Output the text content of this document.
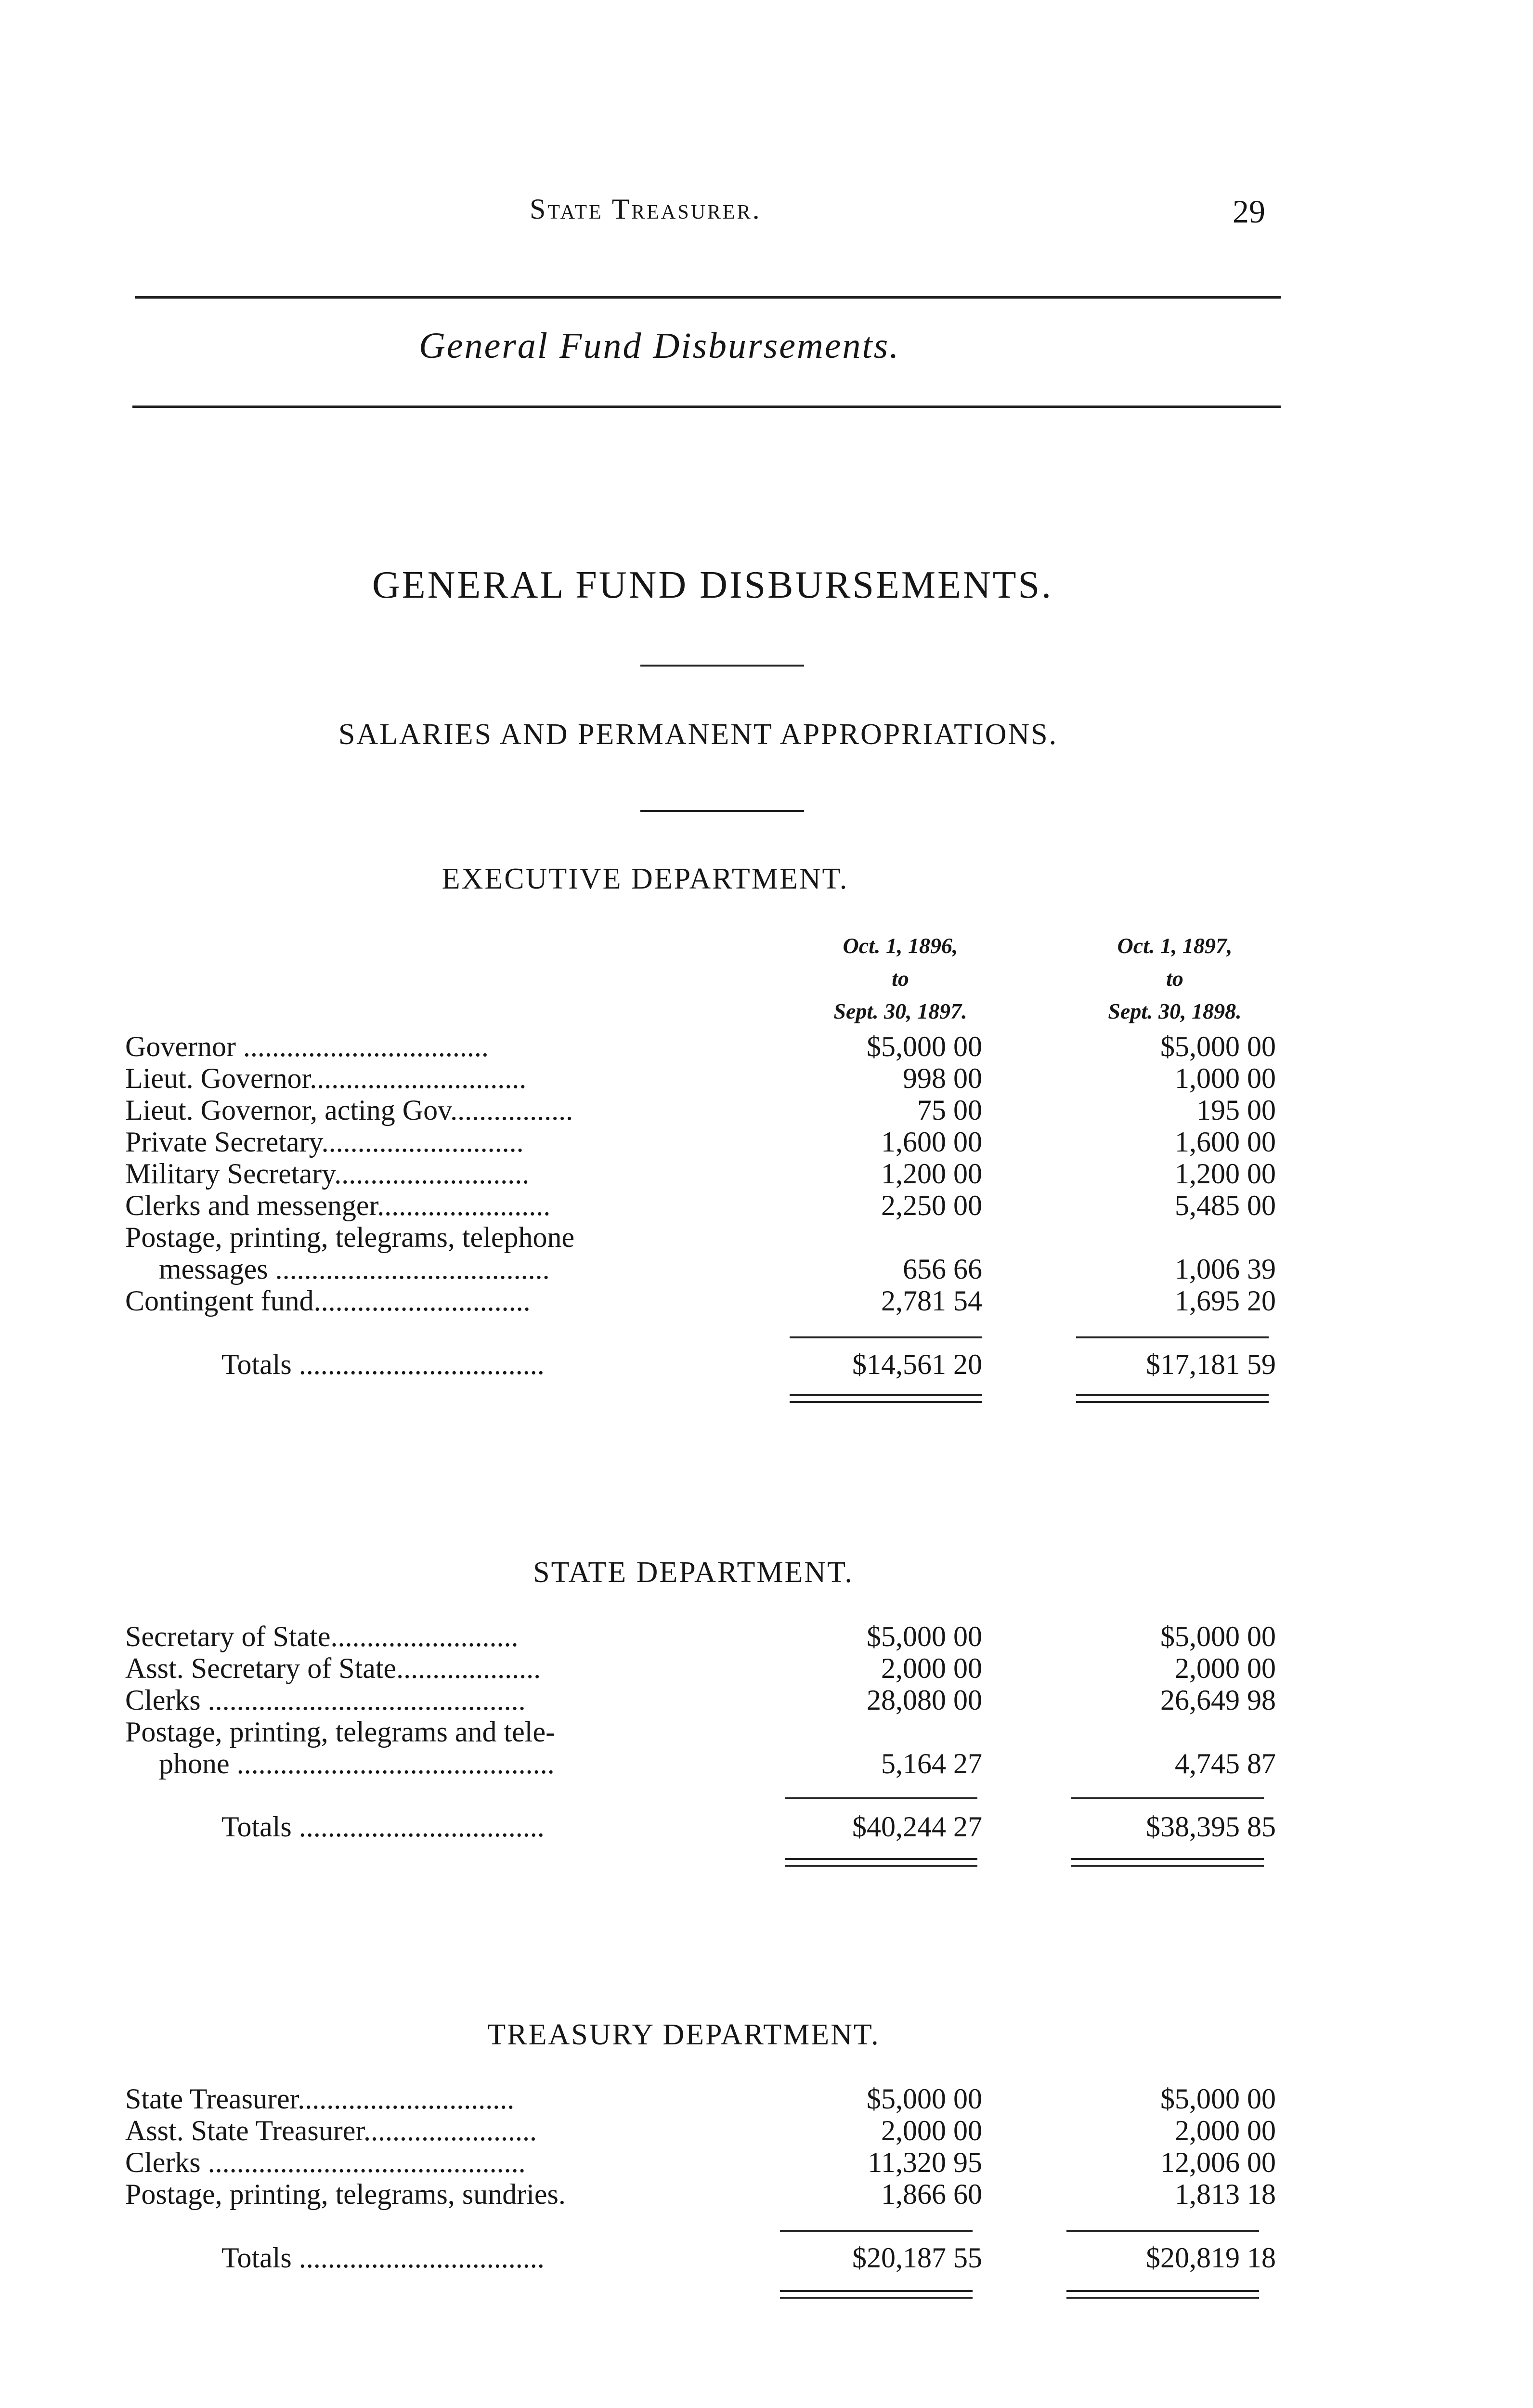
State Treasurer.	29
General Fund Disbursements.
GENERAL FUND DISBURSEMENTS.
SALARIES AND PERMANENT APPROPRIATIONS.
EXECUTIVE DEPARTMENT.
Oct. 1, 1896,
to
Sept. 30, 1897.
Oct. 1, 1897,
to
Sept. 30, 1898.
Governor ..................................	$5,000 00	$5,000 00
Lieut. Governor..............................	998 00	1,000 00
Lieut. Governor, acting Gov.................	75 00	195 00
Private Secretary............................	1,600 00	1,600 00
Military Secretary...........................	1,200 00	1,200 00
Clerks and messenger........................	2,250 00	5,485 00
Postage, printing, telegrams, telephone
messages ......................................	656 66	1,006 39
Contingent fund..............................	2,781 54	1,695 20
Totals ..................................	$14,561 20	$17,181 59
STATE DEPARTMENT.
Secretary of State..........................	$5,000 00	$5,000 00
Asst. Secretary of State....................	2,000 00	2,000 00
Clerks ............................................	28,080 00	26,649 98
Postage, printing, telegrams and tele-
phone ............................................	5,164 27	4,745 87
Totals ..................................	$40,244 27	$38,395 85
TREASURY DEPARTMENT.
State Treasurer..............................	$5,000 00	$5,000 00
Asst. State Treasurer........................	2,000 00	2,000 00
Clerks ............................................	11,320 95	12,006 00
Postage, printing, telegrams, sundries.	1,866 60	1,813 18
Totals ..................................	$20,187 55	$20,819 18
